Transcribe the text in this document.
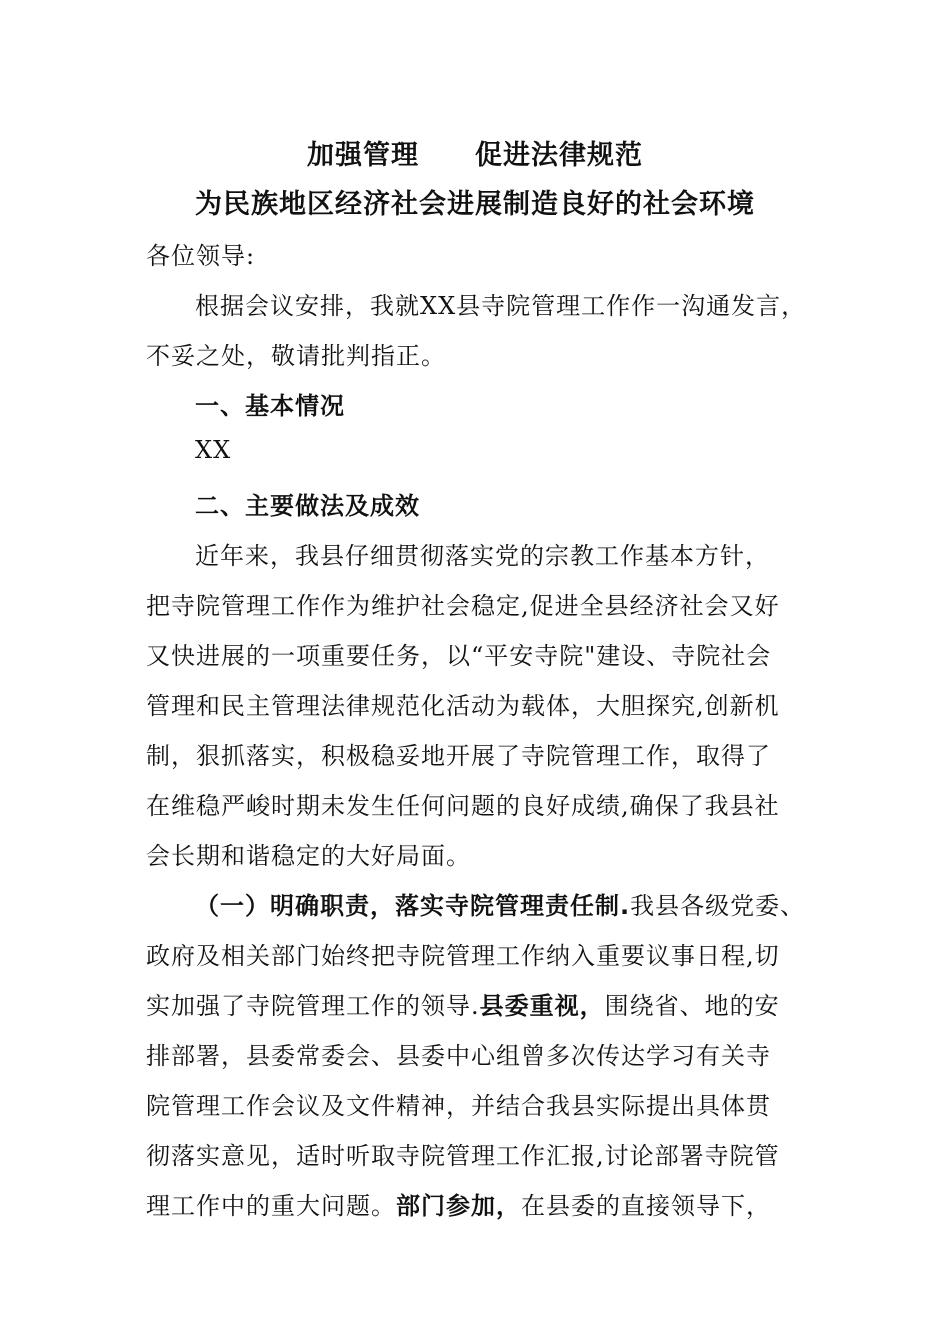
加强管理　　促进法律规范
为民族地区经济社会进展制造良好的社会环境
各位领导:
根据会议安排，我就XX县寺院管理工作作一沟通发言，
不妥之处，敬请批判指正。
一、基本情况
XX
二、主要做法及成效
近年来，我县仔细贯彻落实党的宗教工作基本方针，
把寺院管理工作作为维护社会稳定,促进全县经济社会又好
又快进展的一项重要任务，以“平安寺院"建设、寺院社会
管理和民主管理法律规范化活动为载体，大胆探究,创新机
制，狠抓落实，积极稳妥地开展了寺院管理工作，取得了
在维稳严峻时期未发生任何问题的良好成绩,确保了我县社
会长期和谐稳定的大好局面。
（一）明确职责，落实寺院管理责任制.我县各级党委、
政府及相关部门始终把寺院管理工作纳入重要议事日程,切
实加强了寺院管理工作的领导.县委重视，围绕省、地的安
排部署，县委常委会、县委中心组曾多次传达学习有关寺
院管理工作会议及文件精神，并结合我县实际提出具体贯
彻落实意见，适时听取寺院管理工作汇报,讨论部署寺院管
理工作中的重大问题。部门参加，在县委的直接领导下，
